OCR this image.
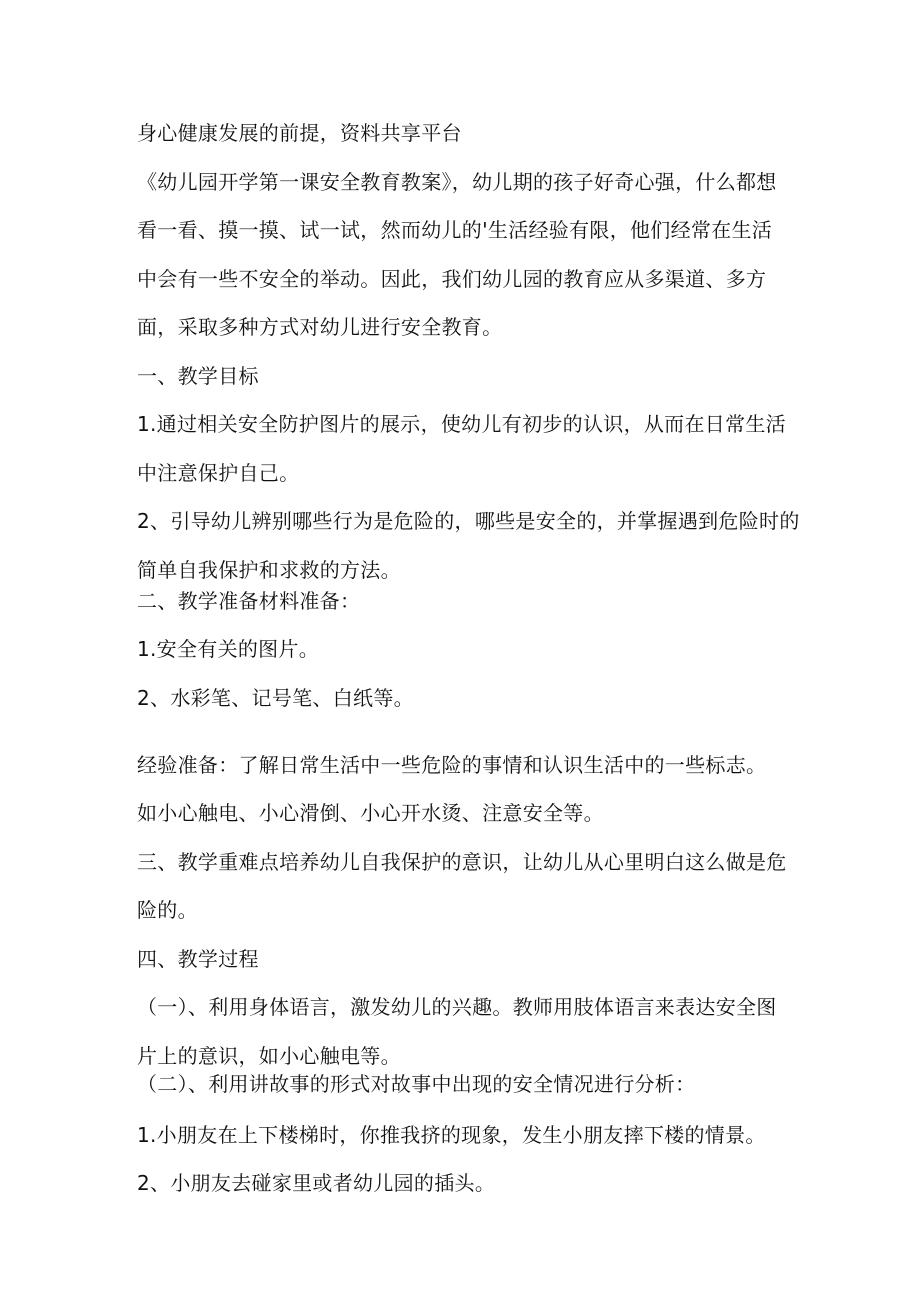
身心健康发展的前提，资料共享平台

《幼儿园开学第一课安全教育教案》，幼儿期的孩子好奇心强，什么都想

看一看、摸一摸、试一试，然而幼儿的'生活经验有限，他们经常在生活

中会有一些不安全的举动。因此，我们幼儿园的教育应从多渠道、多方

面，采取多种方式对幼儿进行安全教育。

一、教学目标

1.通过相关安全防护图片的展示，使幼儿有初步的认识，从而在日常生活

中注意保护自己。

2、引导幼儿辨别哪些行为是危险的，哪些是安全的，并掌握遇到危险时的

简单自我保护和求救的方法。

二、教学准备材料准备：

1.安全有关的图片。

2、水彩笔、记号笔、白纸等。

经验准备：了解日常生活中一些危险的事情和认识生活中的一些标志。

如小心触电、小心滑倒、小心开水烫、注意安全等。

三、教学重难点培养幼儿自我保护的意识，让幼儿从心里明白这么做是危

险的。

四、教学过程

（一）、利用身体语言，激发幼儿的兴趣。教师用肢体语言来表达安全图

片上的意识，如小心触电等。

（二）、利用讲故事的形式对故事中出现的安全情况进行分析：

1.小朋友在上下楼梯时，你推我挤的现象，发生小朋友摔下楼的情景。

2、小朋友去碰家里或者幼儿园的插头。
